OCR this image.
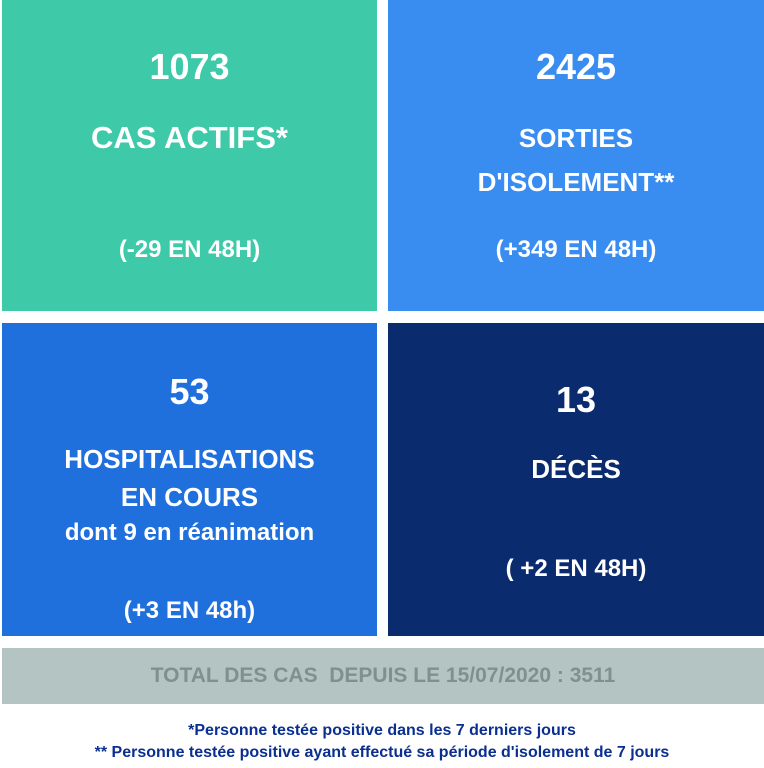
1073
CAS ACTIFS*
(-29 EN 48H)
2425
SORTIES
D'ISOLEMENT**
(+349 EN 48H)
53
HOSPITALISATIONS
EN COURS
dont 9 en réanimation
(+3 EN 48h)
13
DÉCÈS
( +2 EN 48H)
TOTAL DES CAS  DEPUIS LE 15/07/2020 : 3511
*Personne testée positive dans les 7 derniers jours
** Personne testée positive ayant effectué sa période d'isolement de 7 jours
